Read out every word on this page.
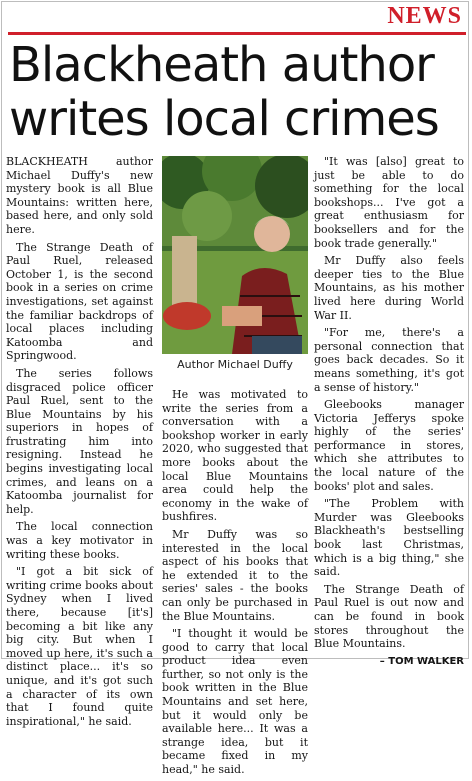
NEWS
Blackheath author
writes local crimes

BLACKHEATH author Michael Duffy's new mystery book is all Blue Mountains: written here, based here, and only sold here.

The Strange Death of Paul Ruel, released October 1, is the second book in a series on crime investigations, set against the familiar backdrops of local places including Katoomba and Springwood.

The series follows disgraced police officer Paul Ruel, sent to the Blue Mountains by his superiors in hopes of frustrating him into resigning. Instead he begins investigating local crimes, and leans on a Katoomba journalist for help.

The local connection was a key motivator in writing these books.

"I got a bit sick of writing crime books about Sydney when I lived there, because [it's] becoming a bit like any big city. But when I moved up here, it's such a distinct place... it's so unique, and it's got such a character of its own that I found quite inspirational," he said.

Author Michael Duffy

He was motivated to write the series from a conversation with a bookshop worker in early 2020, who suggested that more books about the local Blue Mountains area could help the economy in the wake of bushfires.

Mr Duffy was so interested in the local aspect of his books that he extended it to the series' sales - the books can only be purchased in the Blue Mountains.

"I thought it would be good to carry that local product idea even further, so not only is the book written in the Blue Mountains and set here, but it would only be available here... It was a strange idea, but it became fixed in my head," he said.

"It was [also] great to just be able to do something for the local bookshops... I've got a great enthusiasm for booksellers and for the book trade generally."

Mr Duffy also feels deeper ties to the Blue Mountains, as his mother lived here during World War II.

"For me, there's a personal connection that goes back decades. So it means something, it's got a sense of history."

Gleebooks manager Victoria Jefferys spoke highly of the series' performance in stores, which she attributes to the local nature of the books' plot and sales.

"The Problem with Murder was Gleebooks Blackheath's bestselling book last Christmas, which is a big thing," she said.

The Strange Death of Paul Ruel is out now and can be found in book stores throughout the Blue Mountains.

– TOM WALKER
